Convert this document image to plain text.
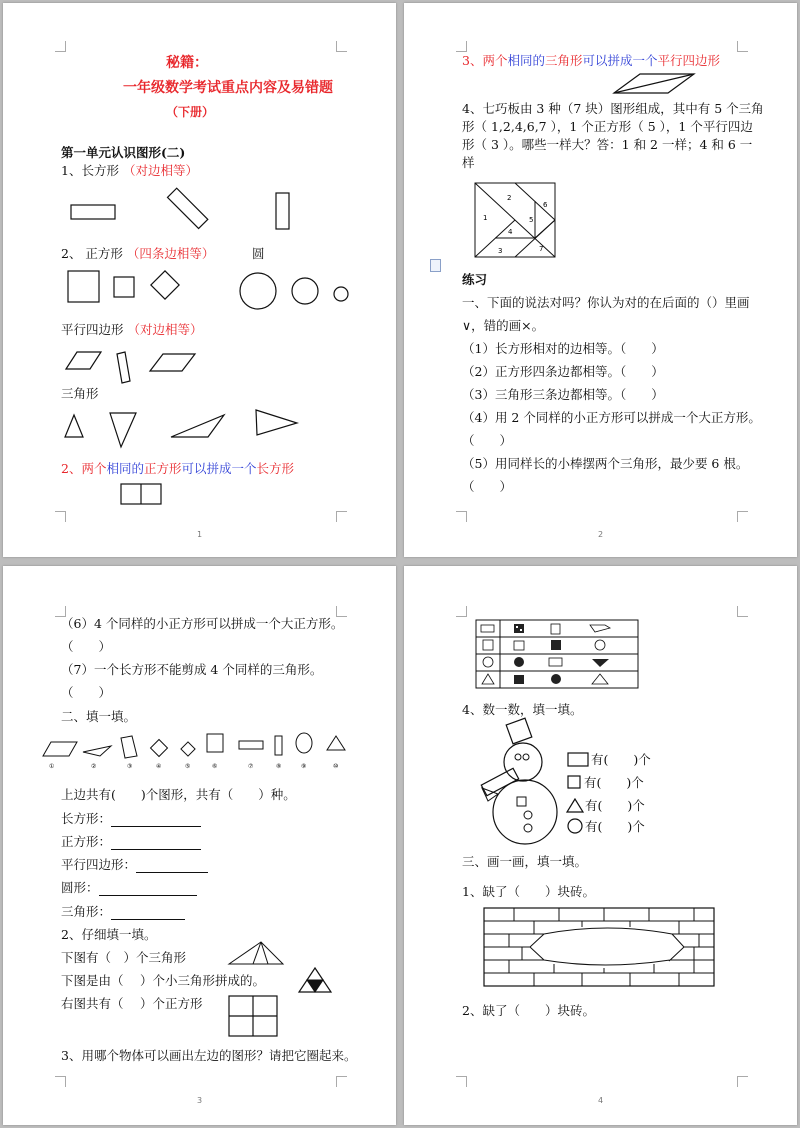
秘籍：
一年级数学考试重点内容及易错题
（下册）
第一单元认识图形(二)
1、长方形 （对边相等）
2、 正方形 （四条边相等）	圆
平行四边形 （对边相等）
三角形
2、两个相同的正方形可以拼成一个长方形
1
3、两个相同的三角形可以拼成一个平行四边形
4、七巧板由 3 种（7 块）图形组成，其中有 5 个三角
形（ 1,2,4,6,7 ），1 个正方形（ 5 ），1 个平行四边
形（ 3 ）。哪些一样大？答：1 和 2 一样；4 和 6 一
样
1
2
3
4
5
6
7
练习
一、下面的说法对吗？你认为对的在后面的（）里画
∨，错的画×。
（1）长方形相对的边相等。（　　）
（2）正方形四条边都相等。（　　）
（3）三角形三条边都相等。（　　）
（4）用 2 个同样的小正方形可以拼成一个大正方形。
（　　）
（5）用同样长的小棒摆两个三角形，最少要 6 根。
（　　）
2
（6）4 个同样的小正方形可以拼成一个大正方形。
（　　）
（7）一个长方形不能剪成 4 个同样的三角形。
（　　）
二、填一填。
①	②	③	④	⑤	⑥	⑦	⑧	⑨	⑩
上边共有(　　)个图形，共有（　　）种。
长方形：
正方形：
平行四边形：
圆形：
三角形：
2、仔细填一填。
下图有（　）个三角形
下图是由（　 ）个小三角形拼成的。
右图共有（　 ）个正方形
3、用哪个物体可以画出左边的图形？请把它圈起来。
3
4、数一数，填一填。
有(　　)个
有(　　)个
有(　　)个
有(　　)个
三、画一画，填一填。
1、缺了（　　）块砖。
2、缺了（　　）块砖。
4
